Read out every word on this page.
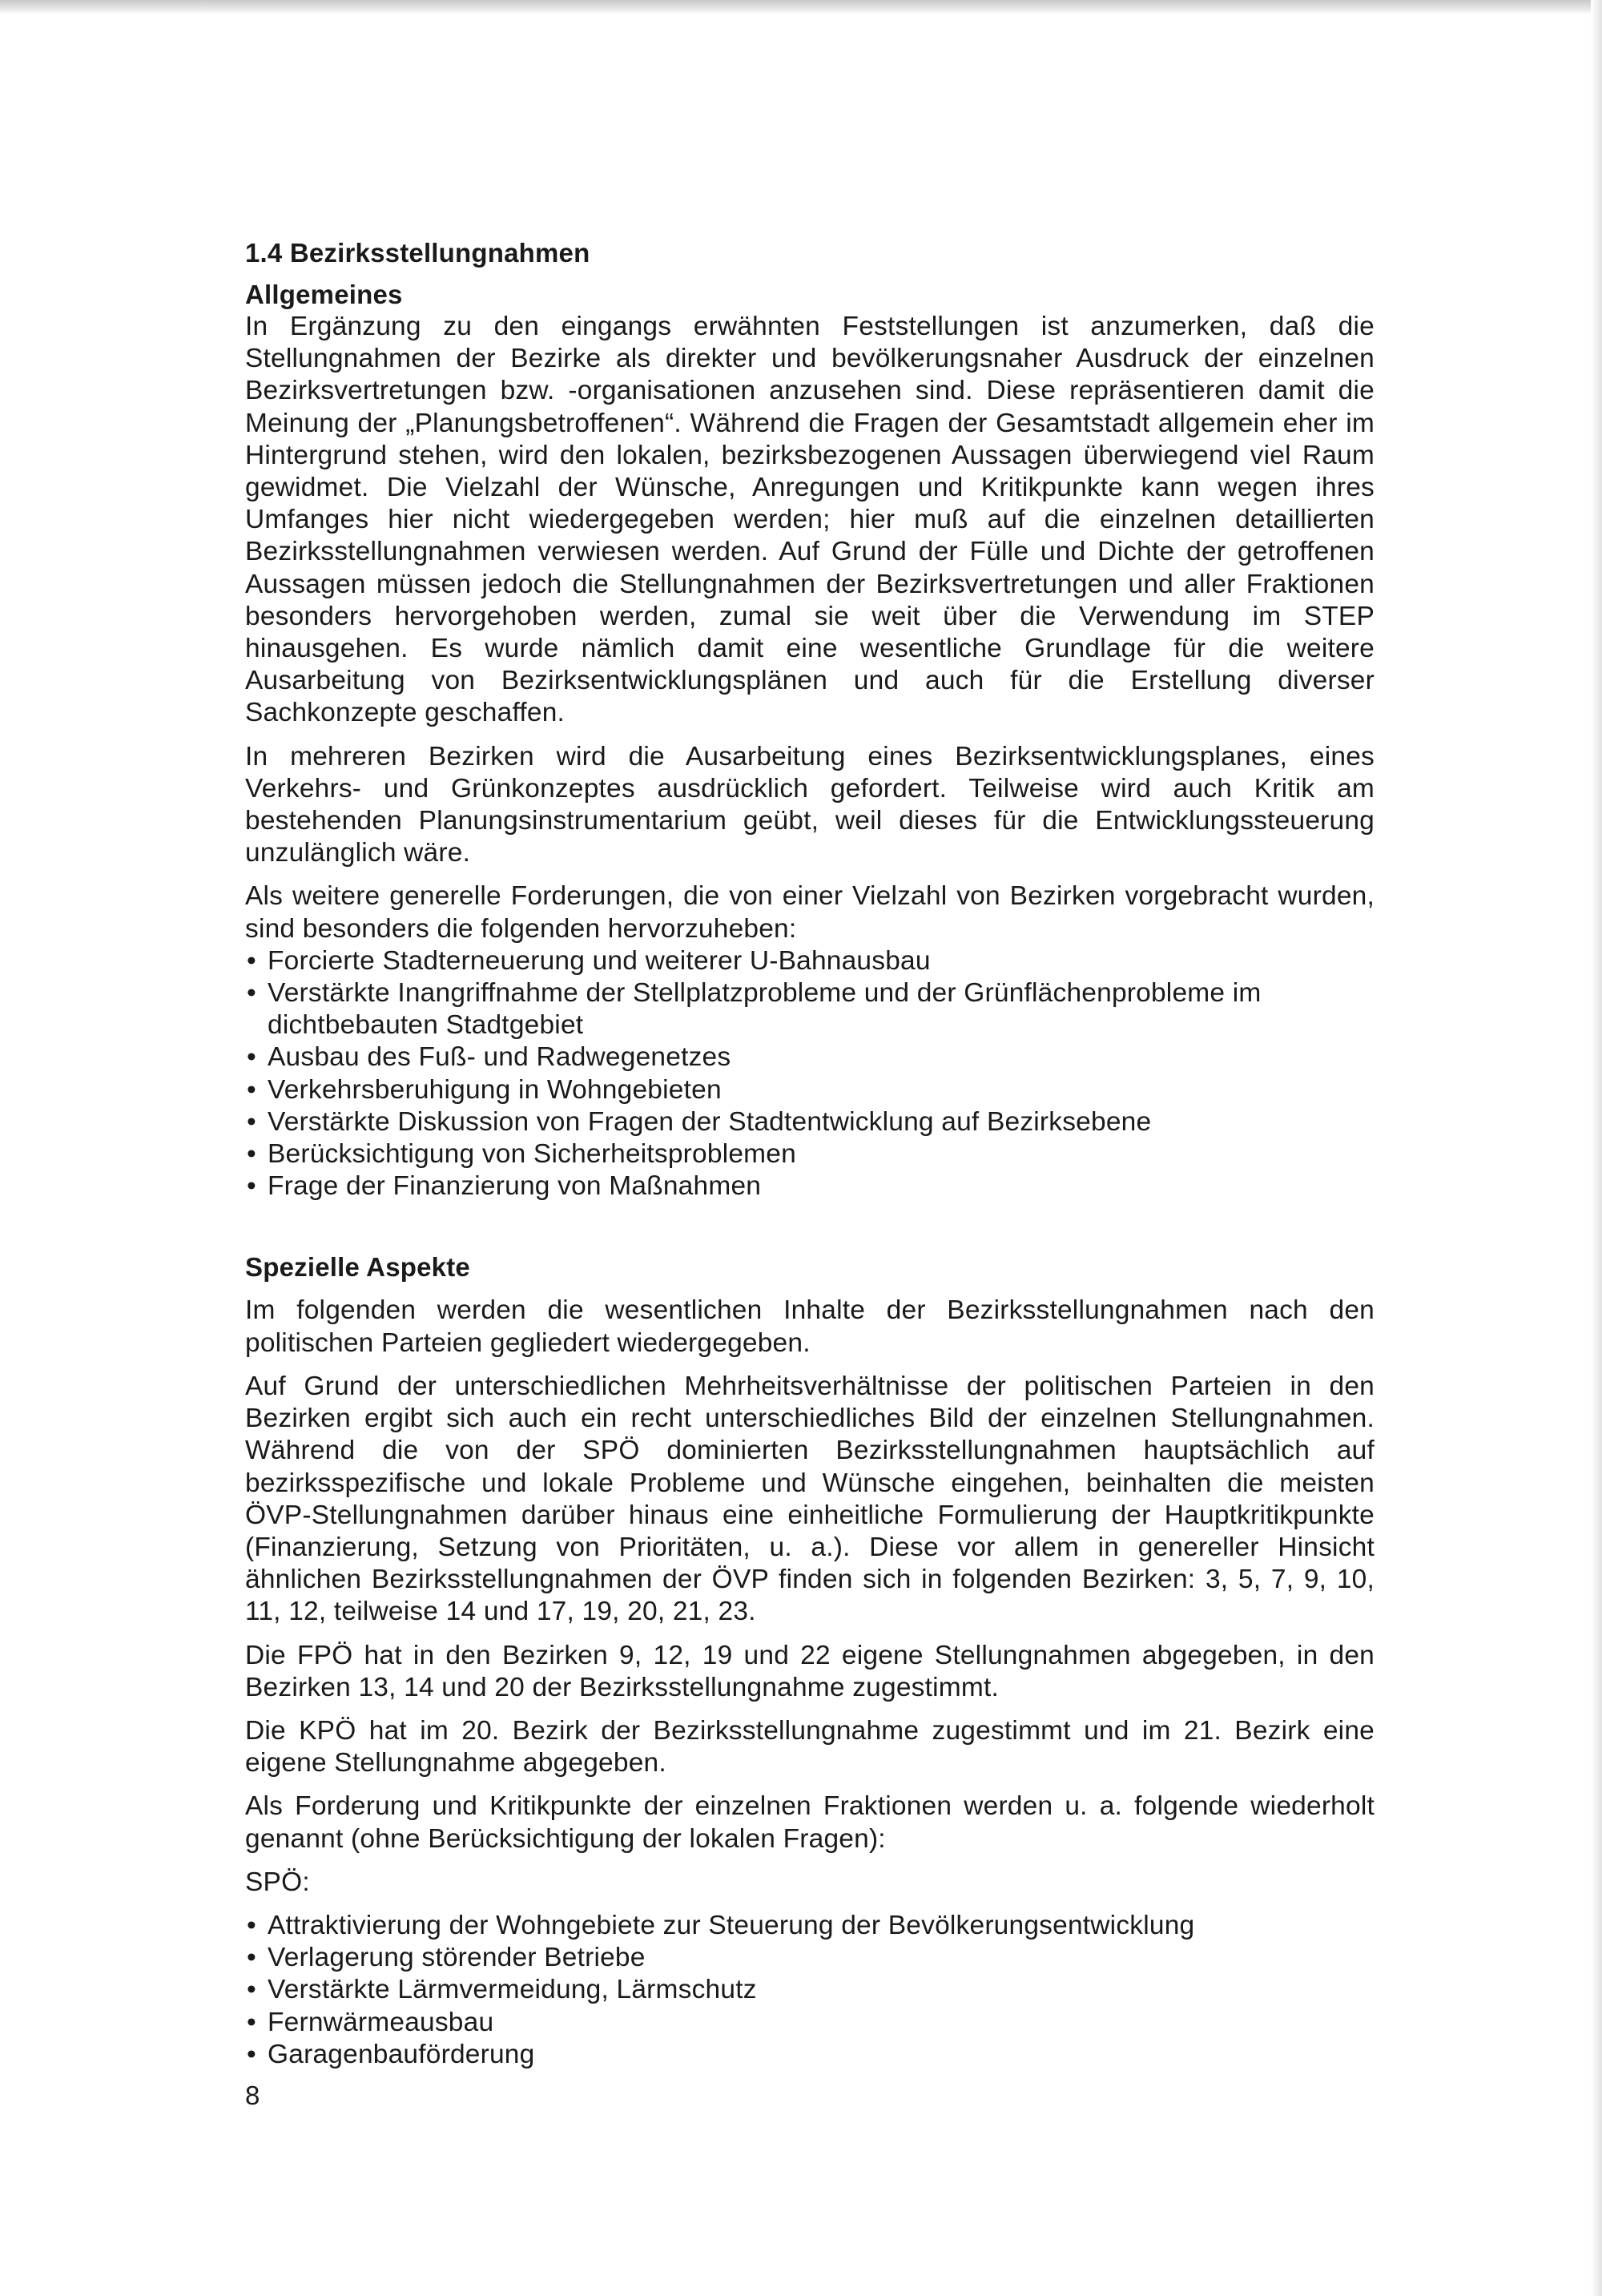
1.4 Bezirksstellungnahmen
Allgemeines

In Ergänzung zu den eingangs erwähnten Feststellungen ist anzumerken, daß die Stellungnahmen der Bezirke als direkter und bevölkerungsnaher Ausdruck der einzelnen Bezirksvertretungen bzw. -organisationen anzusehen sind. Diese repräsentieren damit die Meinung der „Planungsbetroffenen“. Während die Fragen der Gesamtstadt allgemein eher im Hintergrund stehen, wird den lokalen, bezirksbezogenen Aussagen überwiegend viel Raum gewidmet. Die Vielzahl der Wünsche, Anregungen und Kritikpunkte kann wegen ihres Umfanges hier nicht wiedergegeben werden; hier muß auf die einzelnen detaillierten Bezirksstellungnahmen verwiesen werden. Auf Grund der Fülle und Dichte der getroffenen Aussagen müssen jedoch die Stellungnahmen der Bezirksvertretungen und aller Fraktionen besonders hervorgehoben werden, zumal sie weit über die Verwendung im STEP hinausgehen. Es wurde nämlich damit eine wesentliche Grundlage für die weitere Ausarbeitung von Bezirksentwicklungsplänen und auch für die Erstellung diverser Sachkonzepte geschaffen.

In mehreren Bezirken wird die Ausarbeitung eines Bezirksentwicklungsplanes, eines Verkehrs- und Grünkonzeptes ausdrücklich gefordert. Teilweise wird auch Kritik am bestehenden Planungsinstrumentarium geübt, weil dieses für die Entwicklungssteuerung unzulänglich wäre.

Als weitere generelle Forderungen, die von einer Vielzahl von Bezirken vorgebracht wurden, sind besonders die folgenden hervorzuheben:

• Forcierte Stadterneuerung und weiterer U-Bahnausbau
• Verstärkte Inangriffnahme der Stellplatzprobleme und der Grünflächenprobleme im dichtbebauten Stadtgebiet
• Ausbau des Fuß- und Radwegenetzes
• Verkehrsberuhigung in Wohngebieten
• Verstärkte Diskussion von Fragen der Stadtentwicklung auf Bezirksebene
• Berücksichtigung von Sicherheitsproblemen
• Frage der Finanzierung von Maßnahmen
Spezielle Aspekte

Im folgenden werden die wesentlichen Inhalte der Bezirksstellungnahmen nach den politischen Parteien gegliedert wiedergegeben.

Auf Grund der unterschiedlichen Mehrheitsverhältnisse der politischen Parteien in den Bezirken ergibt sich auch ein recht unterschiedliches Bild der einzelnen Stellungnahmen. Während die von der SPÖ dominierten Bezirksstellungnahmen hauptsächlich auf bezirksspezifische und lokale Probleme und Wünsche eingehen, beinhalten die meisten ÖVP-Stellungnahmen darüber hinaus eine einheitliche Formulierung der Hauptkritikpunkte (Finanzierung, Setzung von Prioritäten, u. a.). Diese vor allem in genereller Hinsicht ähnlichen Bezirksstellungnahmen der ÖVP finden sich in folgenden Bezirken: 3, 5, 7, 9, 10, 11, 12, teilweise 14 und 17, 19, 20, 21, 23.

Die FPÖ hat in den Bezirken 9, 12, 19 und 22 eigene Stellungnahmen abgegeben, in den Bezirken 13, 14 und 20 der Bezirksstellungnahme zugestimmt.

Die KPÖ hat im 20. Bezirk der Bezirksstellungnahme zugestimmt und im 21. Bezirk eine eigene Stellungnahme abgegeben.

Als Forderung und Kritikpunkte der einzelnen Fraktionen werden u. a. folgende wiederholt genannt (ohne Berücksichtigung der lokalen Fragen):

SPÖ:

• Attraktivierung der Wohngebiete zur Steuerung der Bevölkerungsentwicklung
• Verlagerung störender Betriebe
• Verstärkte Lärmvermeidung, Lärmschutz
• Fernwärmeausbau
• Garagenbauförderung
8
